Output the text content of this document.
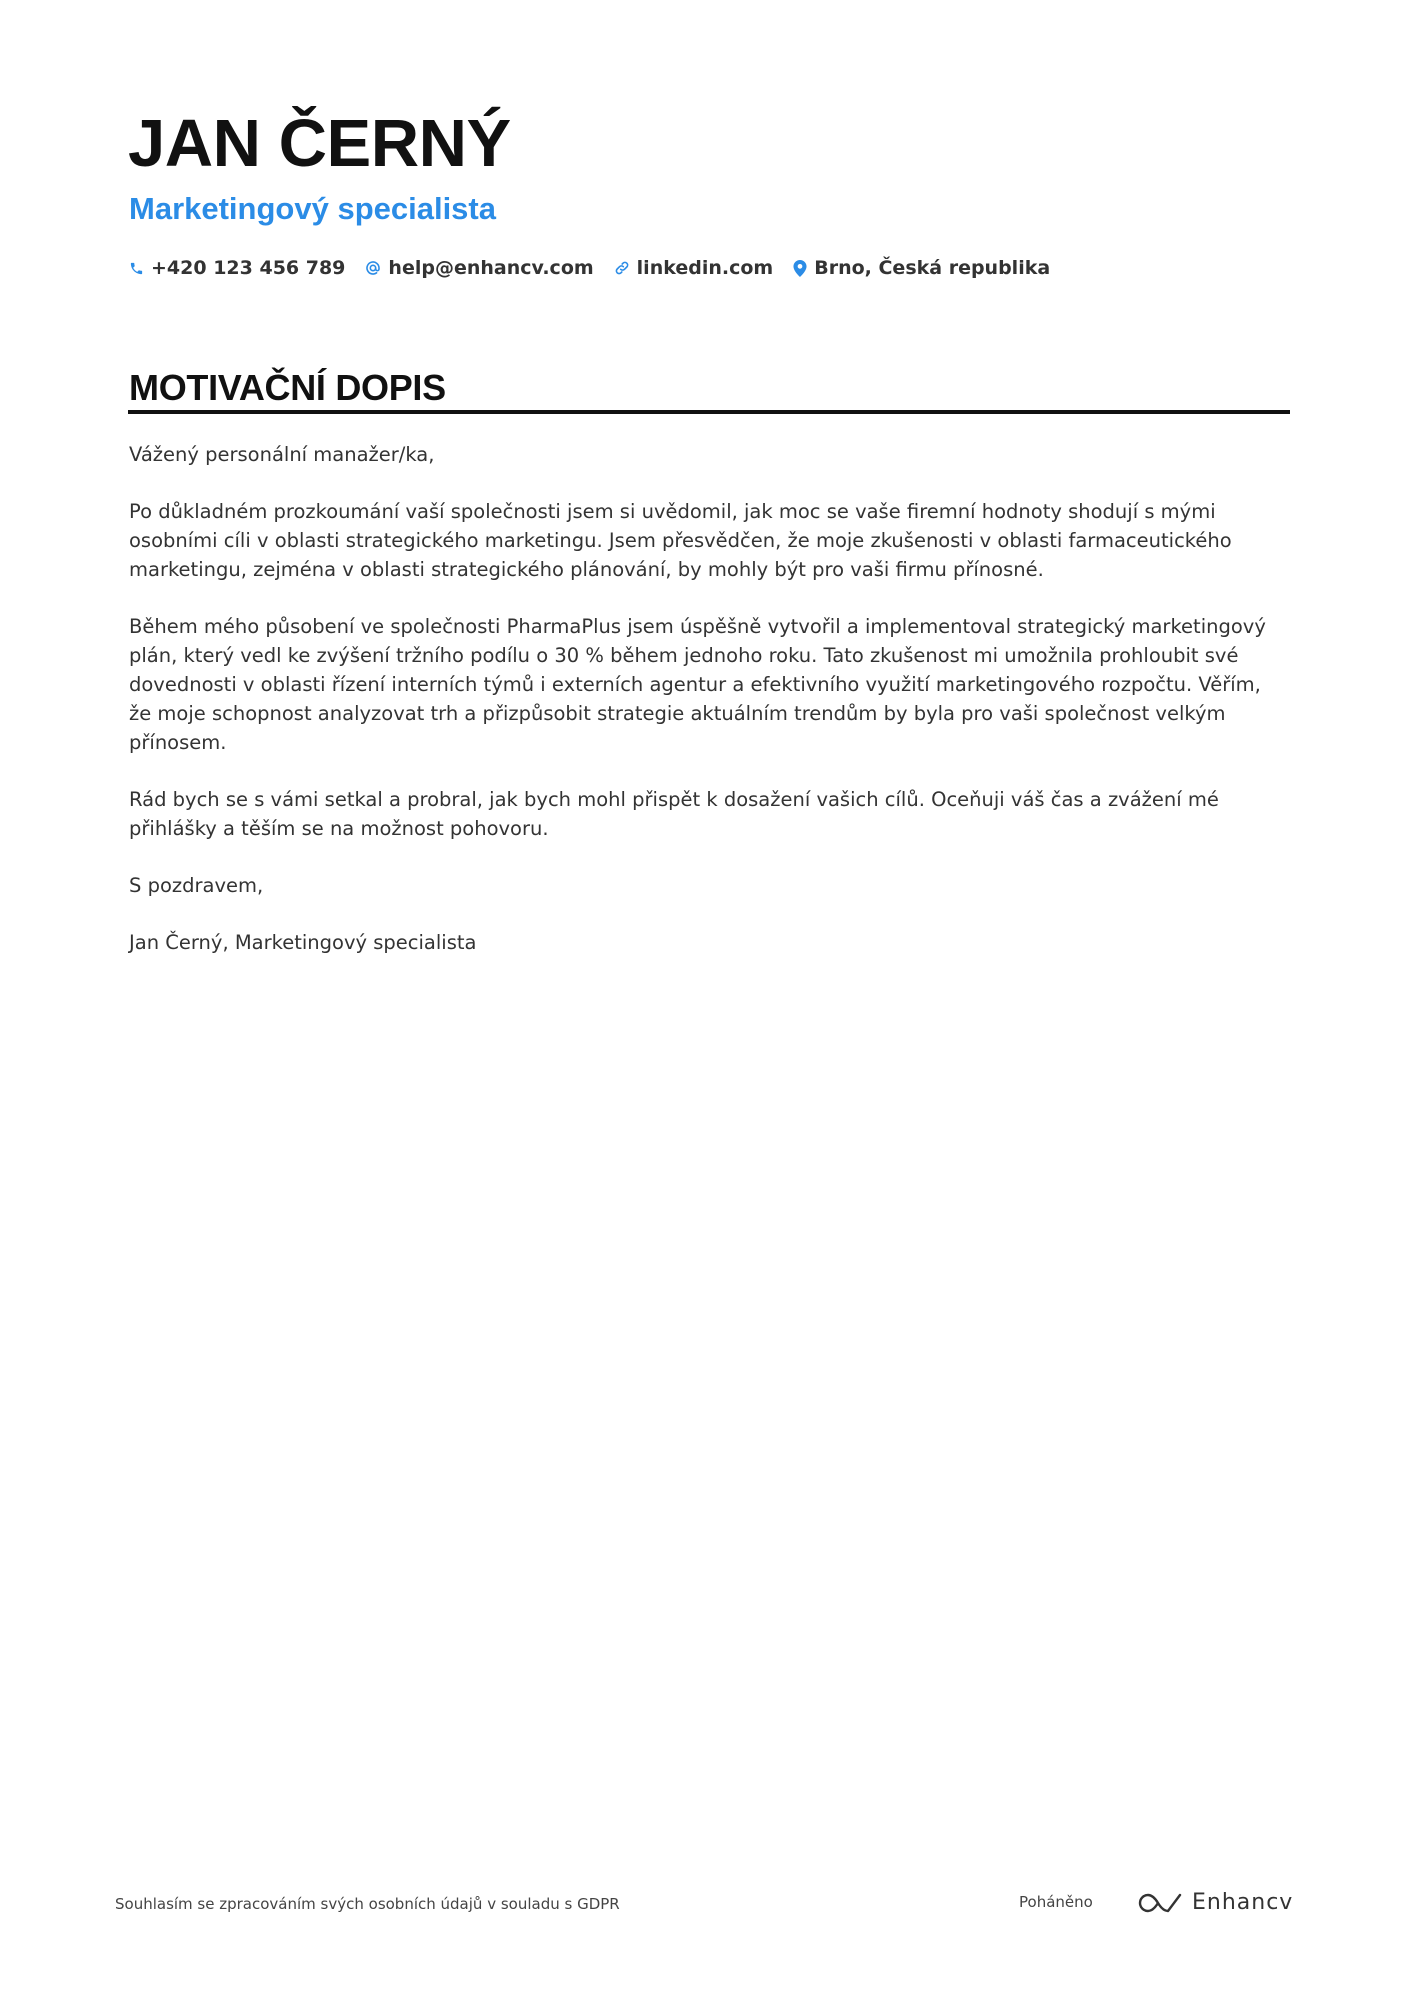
JAN ČERNÝ
Marketingový specialista
+420 123 456 789 help@enhancv.com linkedin.com Brno, Česká republika
MOTIVAČNÍ DOPIS

Vážený personální manažer/ka,

Po důkladném prozkoumání vaší společnosti jsem si uvědomil, jak moc se vaše firemní hodnoty shodují s mými osobními cíli v oblasti strategického marketingu. Jsem přesvědčen, že moje zkušenosti v oblasti farmaceutického marketingu, zejména v oblasti strategického plánování, by mohly být pro vaši firmu přínosné.

Během mého působení ve společnosti PharmaPlus jsem úspěšně vytvořil a implementoval strategický marketingový plán, který vedl ke zvýšení tržního podílu o 30 % během jednoho roku. Tato zkušenost mi umožnila prohloubit své dovednosti v oblasti řízení interních týmů i externích agentur a efektivního využití marketingového rozpočtu. Věřím, že moje schopnost analyzovat trh a přizpůsobit strategie aktuálním trendům by byla pro vaši společnost velkým přínosem.

Rád bych se s vámi setkal a probral, jak bych mohl přispět k dosažení vašich cílů. Oceňuji váš čas a zvážení mé přihlášky a těším se na možnost pohovoru.

S pozdravem,

Jan Černý, Marketingový specialista

Souhlasím se zpracováním svých osobních údajů v souladu s GDPR	Poháněno	Enhancv
